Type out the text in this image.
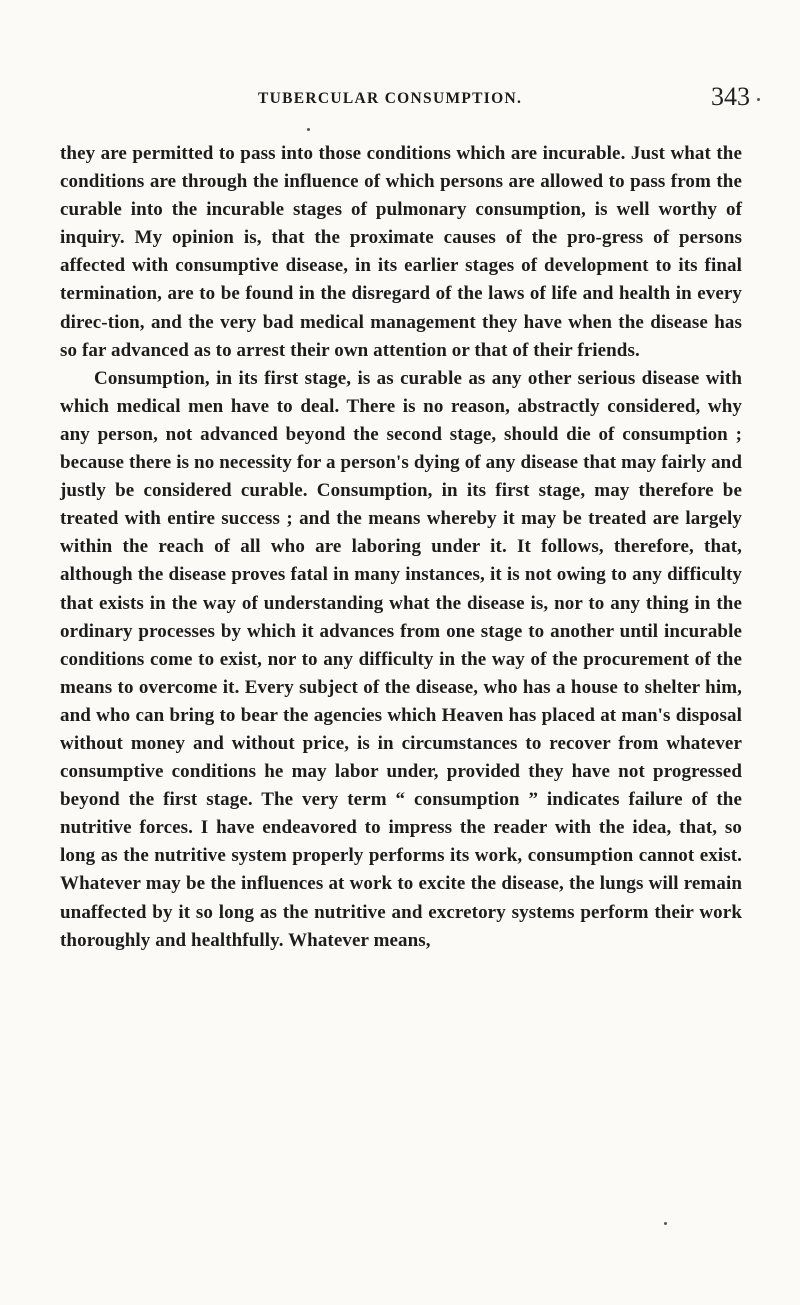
TUBERCULAR CONSUMPTION.	343

they are permitted to pass into those conditions which are incurable. Just what the conditions are through the influence of which persons are allowed to pass from the curable into the incurable stages of pulmonary consumption, is well worthy of inquiry. My opinion is, that the proximate causes of the pro-gress of persons affected with consumptive disease, in its earlier stages of development to its final termination, are to be found in the disregard of the laws of life and health in every direc-tion, and the very bad medical management they have when the disease has so far advanced as to arrest their own attention or that of their friends.

Consumption, in its first stage, is as curable as any other serious disease with which medical men have to deal. There is no reason, abstractly considered, why any person, not advanced beyond the second stage, should die of consumption ; because there is no necessity for a person's dying of any disease that may fairly and justly be considered curable. Consumption, in its first stage, may therefore be treated with entire success ; and the means whereby it may be treated are largely within the reach of all who are laboring under it. It follows, therefore, that, although the disease proves fatal in many instances, it is not owing to any difficulty that exists in the way of understanding what the disease is, nor to any thing in the ordinary processes by which it advances from one stage to another until incurable conditions come to exist, nor to any difficulty in the way of the procurement of the means to overcome it. Every subject of the disease, who has a house to shelter him, and who can bring to bear the agencies which Heaven has placed at man's disposal without money and without price, is in circumstances to recover from whatever consumptive conditions he may labor under, provided they have not progressed beyond the first stage. The very term “ consumption ” indicates failure of the nutritive forces. I have endeavored to impress the reader with the idea, that, so long as the nutritive system properly performs its work, consumption cannot exist. Whatever may be the influences at work to excite the disease, the lungs will remain unaffected by it so long as the nutritive and excretory systems perform their work thoroughly and healthfully. Whatever means,
